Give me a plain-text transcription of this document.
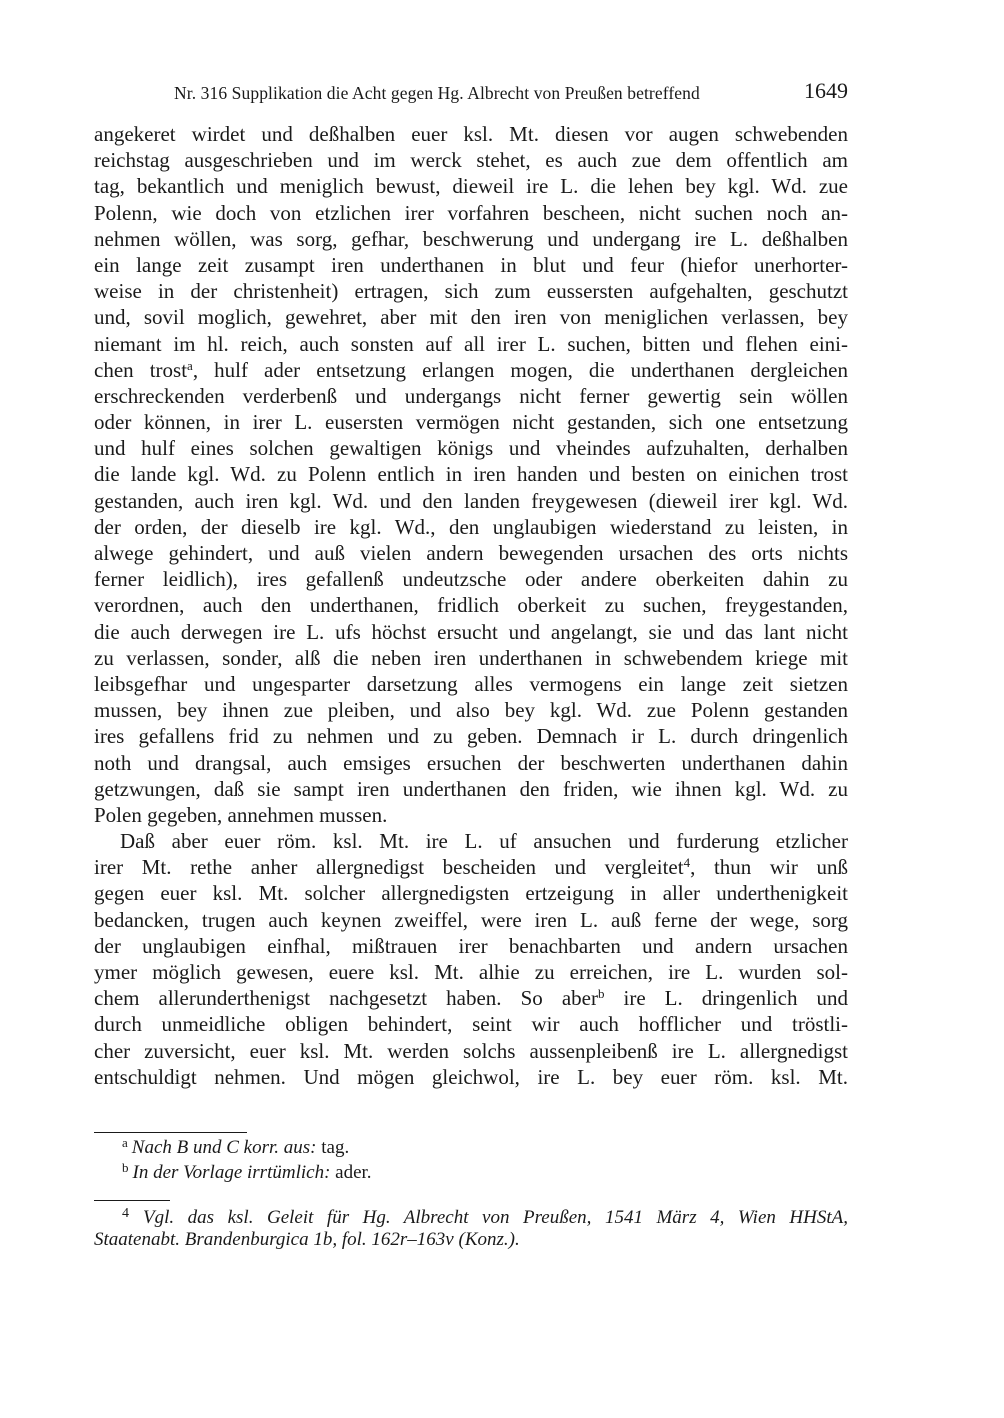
Nr. 316 Supplikation die Acht gegen Hg. Albrecht von Preußen betreffend	1649
angekeret wirdet und deßhalben euer ksl. Mt. diesen vor augen schwebenden
reichstag ausgeschrieben und im werck stehet, es auch zue dem offentlich am
tag, bekantlich und meniglich bewust, dieweil ire L. die lehen bey kgl. Wd. zue
Polenn, wie doch von etzlichen irer vorfahren bescheen, nicht suchen noch an-
nehmen wöllen, was sorg, gefhar, beschwerung und undergang ire L. deßhalben
ein lange zeit zusampt iren underthanen in blut und feur (hiefor unerhorter-
weise in der christenheit) ertragen, sich zum eussersten aufgehalten, geschutzt
und, sovil moglich, gewehret, aber mit den iren von meniglichen verlassen, bey
niemant im hl. reich, auch sonsten auf all irer L. suchen, bitten und flehen eini-
chen trost$^a$, hulf ader entsetzung erlangen mogen, die underthanen dergleichen
erschreckenden verderbenß und undergangs nicht ferner gewertig sein wöllen
oder können, in irer L. eusersten vermögen nicht gestanden, sich one entsetzung
und hulf eines solchen gewaltigen königs und vheindes aufzuhalten, derhalben
die lande kgl. Wd. zu Polenn entlich in iren handen und besten on einichen trost
gestanden, auch iren kgl. Wd. und den landen freygewesen (dieweil irer kgl. Wd.
der orden, der dieselb ire kgl. Wd., den unglaubigen wiederstand zu leisten, in
alwege gehindert, und auß vielen andern bewegenden ursachen des orts nichts
ferner leidlich), ires gefallenß undeutzsche oder andere oberkeiten dahin zu
verordnen, auch den underthanen, fridlich oberkeit zu suchen, freygestanden,
die auch derwegen ire L. ufs höchst ersucht und angelangt, sie und das lant nicht
zu verlassen, sonder, alß die neben iren underthanen in schwebendem kriege mit
leibsgefhar und ungesparter darsetzung alles vermogens ein lange zeit sietzen
mussen, bey ihnen zue pleiben, und also bey kgl. Wd. zue Polenn gestanden
ires gefallens frid zu nehmen und zu geben. Demnach ir L. durch dringenlich
noth und drangsal, auch emsiges ersuchen der beschwerten underthanen dahin
getzwungen, daß sie sampt iren underthanen den friden, wie ihnen kgl. Wd. zu
Polen gegeben, annehmen mussen.
Daß aber euer röm. ksl. Mt. ire L. uf ansuchen und furderung etzlicher
irer Mt. rethe anher allergnedigst bescheiden und vergleitet$^4$, thun wir unß
gegen euer ksl. Mt. solcher allergnedigsten ertzeigung in aller underthenigkeit
bedancken, trugen auch keynen zweiffel, were iren L. auß ferne der wege, sorg
der unglaubigen einfhal, mißtrauen irer benachbarten und andern ursachen
ymer möglich gewesen, euere ksl. Mt. alhie zu erreichen, ire L. wurden sol-
chem allerunderthenigst nachgesetzt haben. So aber$^b$ ire L. dringenlich und
durch unmeidliche obligen behindert, seint wir auch hofflicher und tröstli-
cher zuversicht, euer ksl. Mt. werden solchs aussenpleibenß ire L. allergnedigst
entschuldigt nehmen. Und mögen gleichwol, ire L. bey euer röm. ksl. Mt.
$^a$ Nach B und C korr. aus: tag.
$^b$ In der Vorlage irrtümlich: ader.
$^4$ Vgl. das ksl. Geleit für Hg. Albrecht von Preußen, 1541 März 4, Wien HHStA,
Staatenabt. Brandenburgica 1b, fol. 162r–163v (Konz.).
